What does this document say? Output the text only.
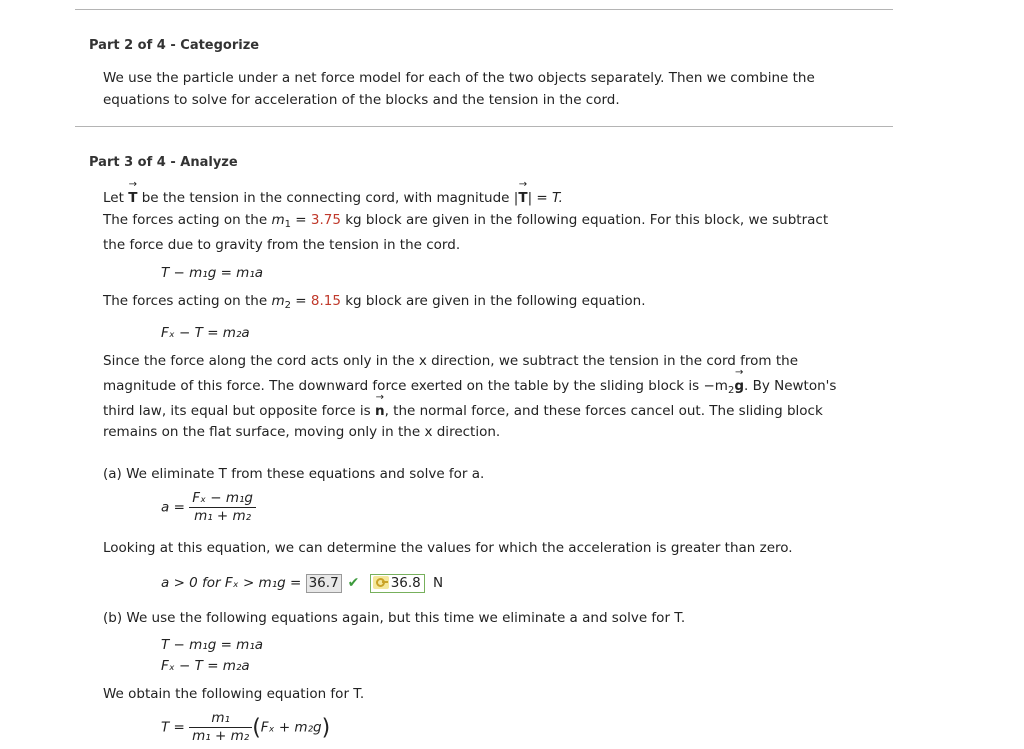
Part 2 of 4 - Categorize
We use the particle under a net force model for each of the two objects separately. Then we combine the
equations to solve for acceleration of the blocks and the tension in the cord.
Part 3 of 4 - Analyze
Let T → be the tension in the connecting cord, with magnitude |T →| = T.
The forces acting on the $m_1 = 3.75$ kg block are given in the following equation. For this block, we subtract
the force due to gravity from the tension in the cord.
T − m₁g = m₁a
The forces acting on the $m_2 = 8.15$ kg block are given in the following equation.
Fₓ − T = m₂a
Since the force along the cord acts only in the x direction, we subtract the tension in the cord from the
magnitude of this force. The downward force exerted on the table by the sliding block is $-m_2g$ →. By Newton's
third law, its equal but opposite force is n →, the normal force, and these forces cancel out. The sliding block
remains on the flat surface, moving only in the x direction.
(a) We eliminate T from these equations and solve for a.
$a = \frac{\text{Fₓ − m₁g}}{\text{m₁ + m₂}}$
Looking at this equation, we can determine the values for which the acceleration is greater than zero.
a > 0 for Fₓ > m₁g = 36.7 ✔ 36.8 N
(b) We use the following equations again, but this time we eliminate a and solve for T.
T − m₁g = m₁a
Fₓ − T = m₂a
We obtain the following equation for T.
$T = \frac{\text{m₁}}{\text{m₁ + m₂}} (F_x + m_2g)$
